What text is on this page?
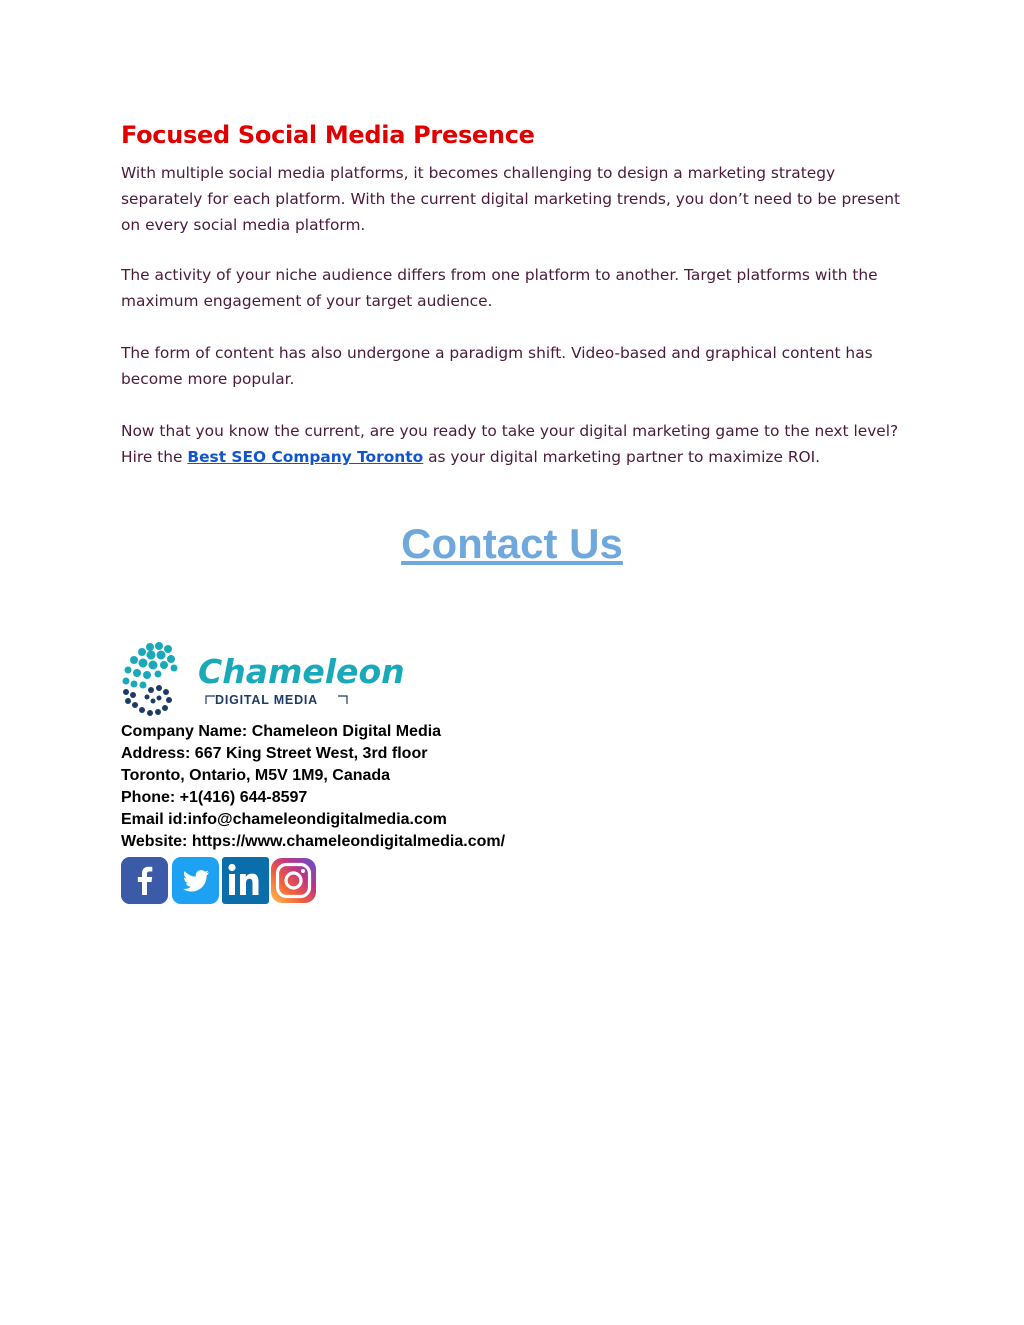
Focused Social Media Presence

With multiple social media platforms, it becomes challenging to design a marketing strategy separately for each platform. With the current digital marketing trends, you don’t need to be present on every social media platform.

The activity of your niche audience differs from one platform to another. Target platforms with the maximum engagement of your target audience.

The form of content has also undergone a paradigm shift. Video-based and graphical content has become more popular.

Now that you know the current, are you ready to take your digital marketing game to the next level? Hire the Best SEO Company Toronto as your digital marketing partner to maximize ROI.

Contact Us
Chameleon
DIGITAL MEDIA
Company Name: Chameleon Digital Media
Address: 667 King Street West, 3rd floor
Toronto, Ontario, M5V 1M9, Canada
Phone: +1(416) 644-8597
Email id:info@chameleondigitalmedia.com
Website: https://www.chameleondigitalmedia.com/
